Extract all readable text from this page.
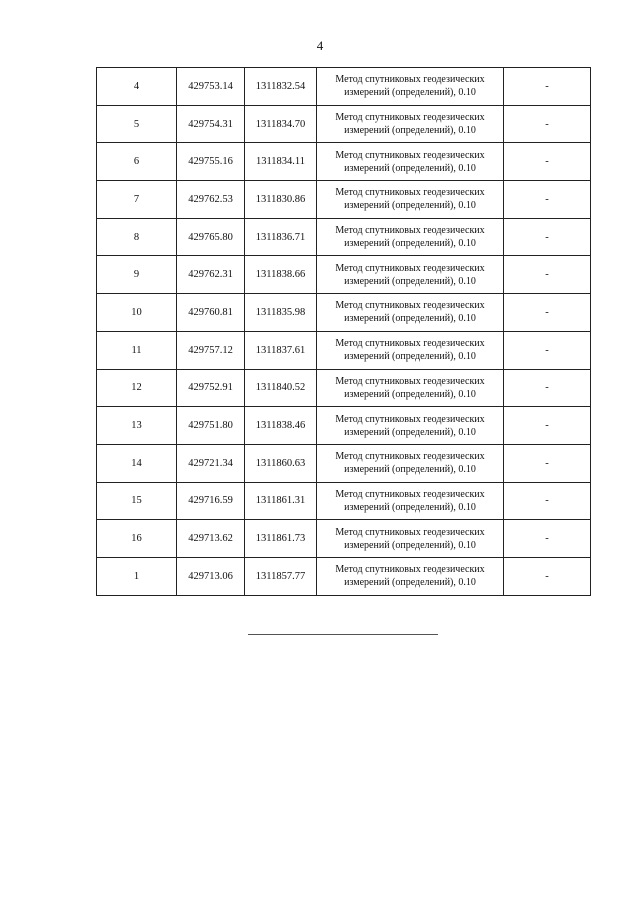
4
4	429753.14	1311832.54	Метод спутниковых геодезических
измерений (определений), 0.10	-
5	429754.31	1311834.70	Метод спутниковых геодезических
измерений (определений), 0.10	-
6	429755.16	1311834.11	Метод спутниковых геодезических
измерений (определений), 0.10	-
7	429762.53	1311830.86	Метод спутниковых геодезических
измерений (определений), 0.10	-
8	429765.80	1311836.71	Метод спутниковых геодезических
измерений (определений), 0.10	-
9	429762.31	1311838.66	Метод спутниковых геодезических
измерений (определений), 0.10	-
10	429760.81	1311835.98	Метод спутниковых геодезических
измерений (определений), 0.10	-
11	429757.12	1311837.61	Метод спутниковых геодезических
измерений (определений), 0.10	-
12	429752.91	1311840.52	Метод спутниковых геодезических
измерений (определений), 0.10	-
13	429751.80	1311838.46	Метод спутниковых геодезических
измерений (определений), 0.10	-
14	429721.34	1311860.63	Метод спутниковых геодезических
измерений (определений), 0.10	-
15	429716.59	1311861.31	Метод спутниковых геодезических
измерений (определений), 0.10	-
16	429713.62	1311861.73	Метод спутниковых геодезических
измерений (определений), 0.10	-
1	429713.06	1311857.77	Метод спутниковых геодезических
измерений (определений), 0.10	-
